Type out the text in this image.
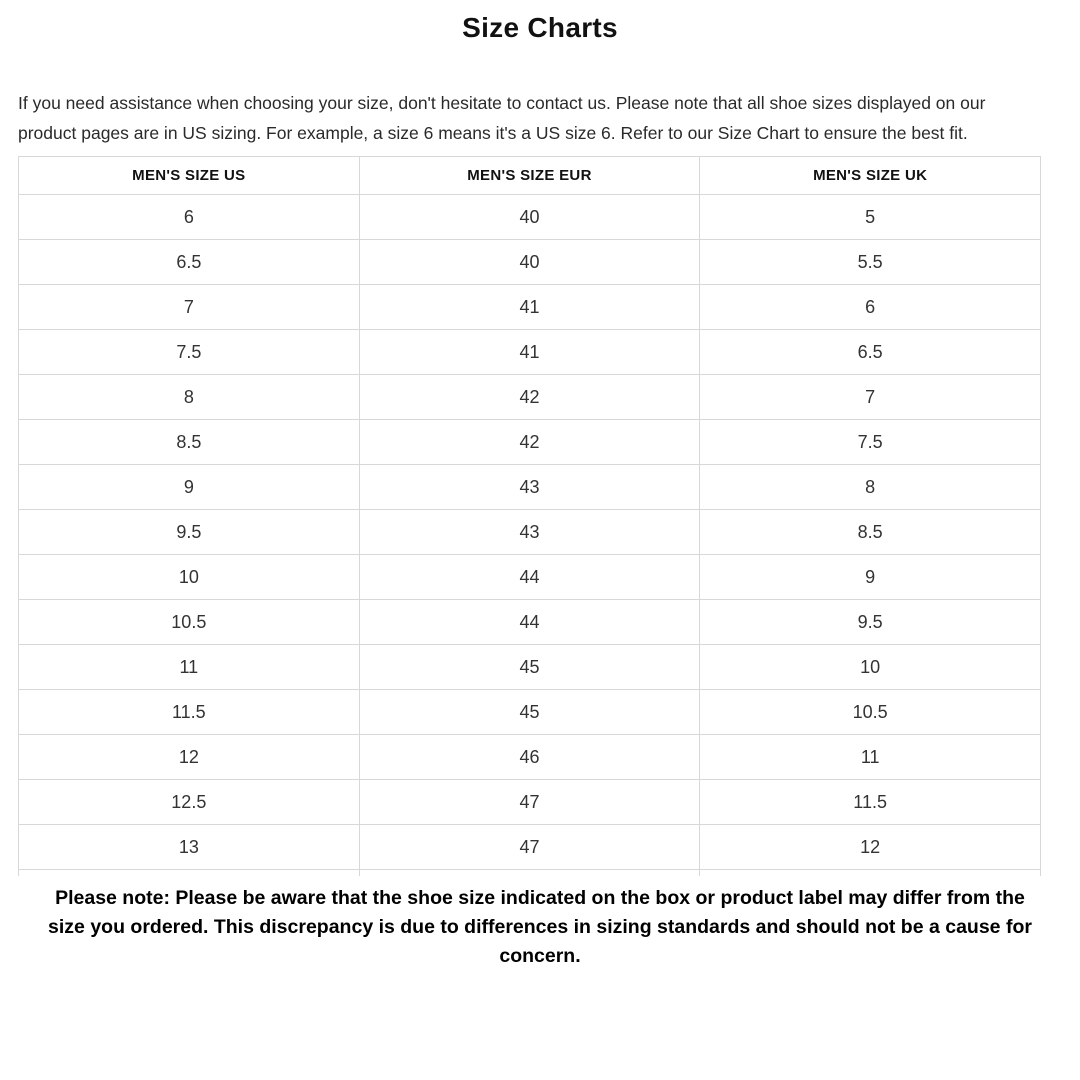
Size Charts

If you need assistance when choosing your size, don't hesitate to contact us. Please note that all shoe sizes displayed on our product pages are in US sizing. For example, a size 6 means it's a US size 6. Refer to our Size Chart to ensure the best fit.

MEN'S SIZE US	MEN'S SIZE EUR	MEN'S SIZE UK
6	40	5
6.5	40	5.5
7	41	6
7.5	41	6.5
8	42	7
8.5	42	7.5
9	43	8
9.5	43	8.5
10	44	9
10.5	44	9.5
11	45	10
11.5	45	10.5
12	46	11
12.5	47	11.5
13	47	12

Please note: Please be aware that the shoe size indicated on the box or product label may differ from the size you ordered. This discrepancy is due to differences in sizing standards and should not be a cause for concern.
